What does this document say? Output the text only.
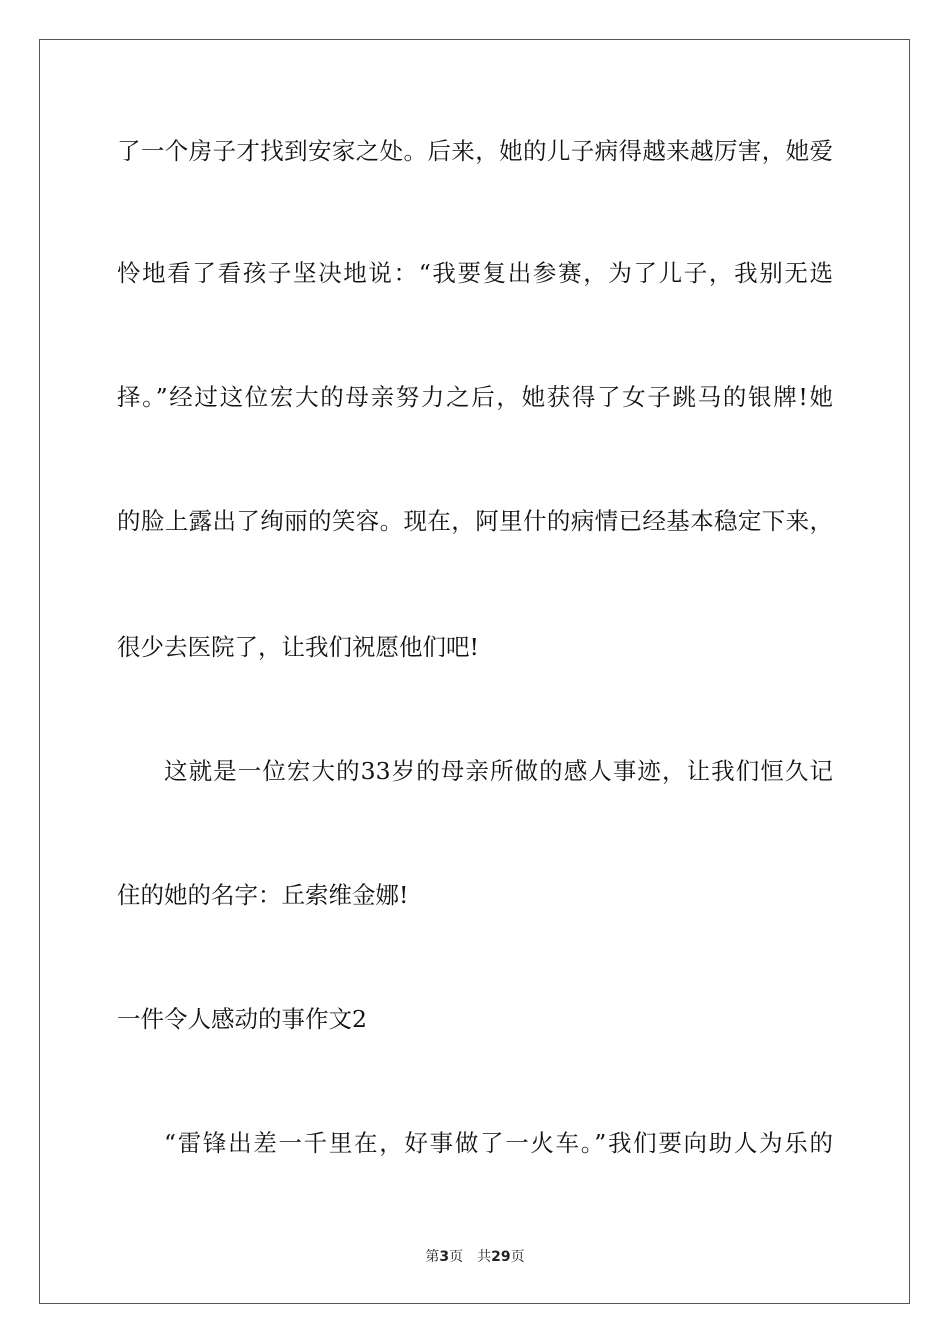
了一个房子才找到安家之处。后来，她的儿子病得越来越厉害，她爱
怜地看了看孩子坚决地说：“我要复出参赛，为了儿子，我别无选
择。”经过这位宏大的母亲努力之后，她获得了女子跳马的银牌!她
的脸上露出了绚丽的笑容。现在，阿里什的病情已经基本稳定下来，
很少去医院了，让我们祝愿他们吧!
这就是一位宏大的33岁的母亲所做的感人事迹，让我们恒久记
住的她的名字：丘索维金娜!
一件令人感动的事作文2
“雷锋出差一千里在，好事做了一火车。”我们要向助人为乐的
第3页 共29页
